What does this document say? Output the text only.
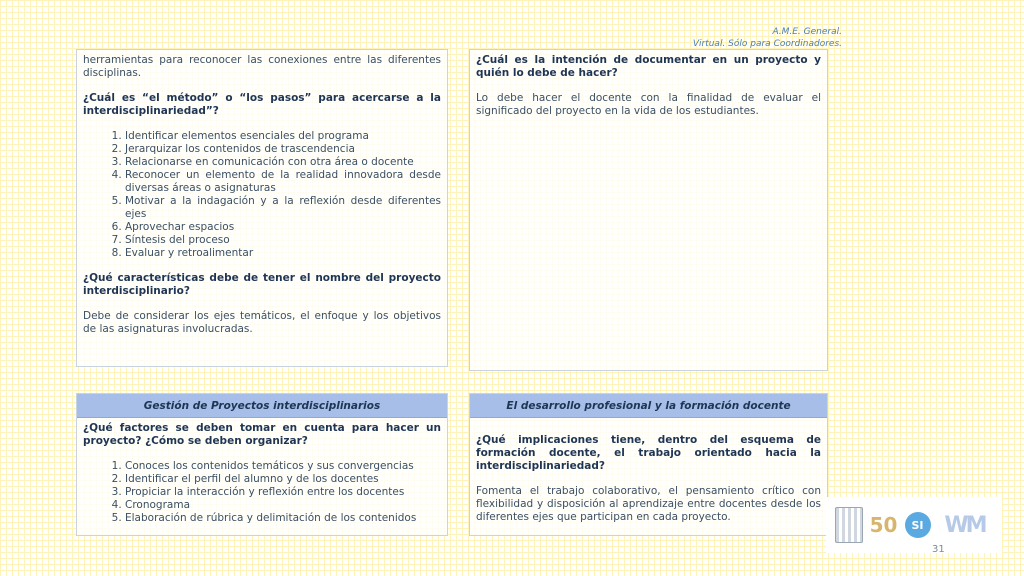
A.M.E. General.
Virtual. Sólo para Coordinadores.

herramientas para reconocer las conexiones entre las diferentes disciplinas.

¿Cuál es “el método” o “los pasos” para acercarse a la interdisciplinariedad”?

1. Identificar elementos esenciales del programa
2. Jerarquizar los contenidos de trascendencia
3. Relacionarse en comunicación con otra área o docente
4. Reconocer un elemento de la realidad innovadora desde diversas áreas o asignaturas
5. Motivar a la indagación y a la reflexión desde diferentes ejes
6. Aprovechar espacios
7. Síntesis del proceso
8. Evaluar y retroalimentar

¿Qué características debe de tener el nombre del proyecto interdisciplinario?

Debe de considerar los ejes temáticos, el enfoque y los objetivos de las asignaturas involucradas.

¿Cuál es la intención de documentar en un proyecto y quién lo debe de hacer?

Lo debe hacer el docente con la finalidad de evaluar el significado del proyecto en la vida de los estudiantes.

Gestión de Proyectos interdisciplinarios

¿Qué factores se deben tomar en cuenta para hacer un proyecto? ¿Cómo se deben organizar?

1. Conoces los contenidos temáticos y sus convergencias
2. Identificar el perfil del alumno y de los docentes
3. Propiciar la interacción y reflexión entre los docentes
4. Cronograma
5. Elaboración de rúbrica y delimitación de los contenidos
El desarrollo profesional y la formación docente

¿Qué implicaciones tiene, dentro del esquema de formación docente, el trabajo orientado hacia la interdisciplinariedad?

Fomenta el trabajo colaborativo, el pensamiento crítico con flexibilidad y disposición al aprendizaje entre docentes desde los diferentes ejes que participan en cada proyecto.	50	SI WM
31
